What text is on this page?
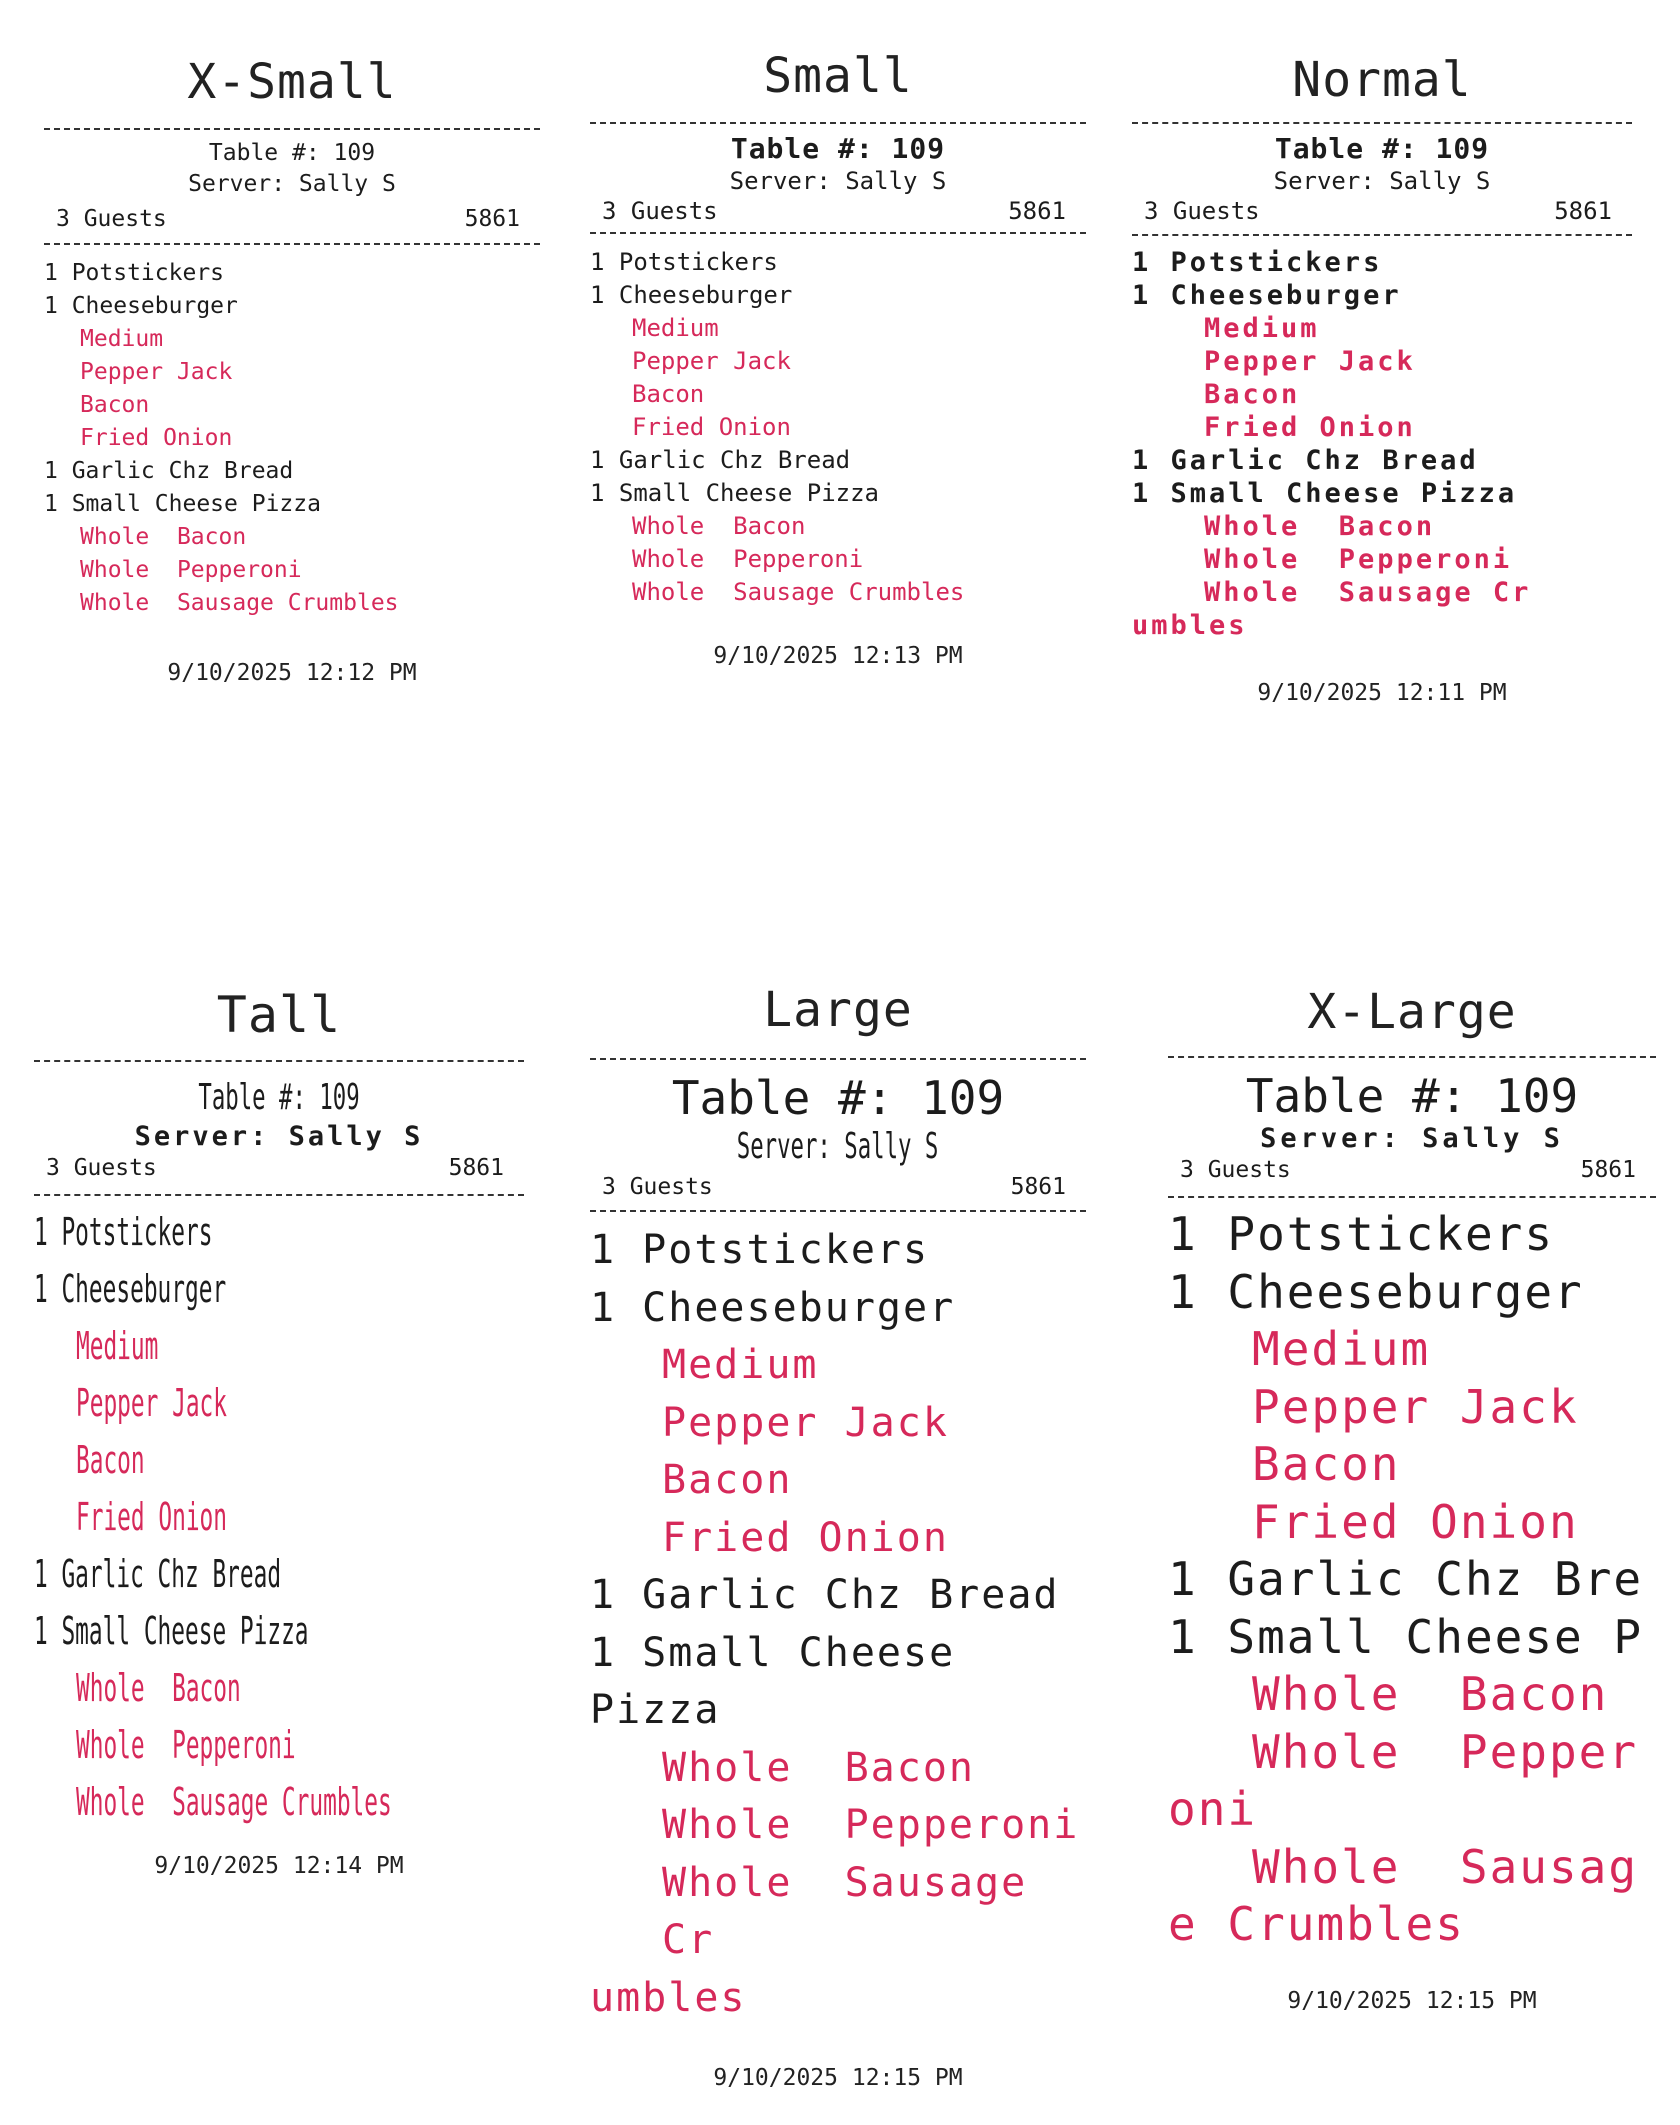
X-Small
Table #: 109
Server: Sally S
3 Guests	5861
1 Potstickers
1 Cheeseburger
Medium
Pepper Jack
Bacon
Fried Onion
1 Garlic Chz Bread
1 Small Cheese Pizza
Whole Bacon
Whole Pepperoni
Whole Sausage Crumbles
9/10/2025 12:12 PM
Small
Table #: 109
Server: Sally S
3 Guests	5861
1 Potstickers
1 Cheeseburger
Medium
Pepper Jack
Bacon
Fried Onion
1 Garlic Chz Bread
1 Small Cheese Pizza
Whole Bacon
Whole Pepperoni
Whole Sausage Crumbles
9/10/2025 12:13 PM
Normal
Table #: 109
Server: Sally S
3 Guests	5861
1 Potstickers
1 Cheeseburger
Medium
Pepper Jack
Bacon
Fried Onion
1 Garlic Chz Bread
1 Small Cheese Pizza
Whole Bacon
Whole Pepperoni
Whole Sausage Cr
umbles
9/10/2025 12:11 PM
Tall
Table #: 109
Server: Sally S
3 Guests	5861
1 Potstickers
1 Cheeseburger
Medium
Pepper Jack
Bacon
Fried Onion
1 Garlic Chz Bread
1 Small Cheese Pizza
Whole Bacon
Whole Pepperoni
Whole Sausage Crumbles
9/10/2025 12:14 PM
Large
Table #: 109
Server: Sally S
3 Guests	5861
1 Potstickers
1 Cheeseburger
Medium
Pepper Jack
Bacon
Fried Onion
1 Garlic Chz Bread
1 Small Cheese Pizza
Whole Bacon
Whole Pepperoni
Whole Sausage Cr
umbles
9/10/2025 12:15 PM
X-Large
Table #: 109
Server: Sally S
3 Guests	5861
1 Potstickers
1 Cheeseburger
Medium
Pepper Jack
Bacon
Fried Onion
1 Garlic Chz Bre
1 Small Cheese P
Whole Bacon
Whole Pepper
oni
Whole Sausag
e Crumbles
9/10/2025 12:15 PM
